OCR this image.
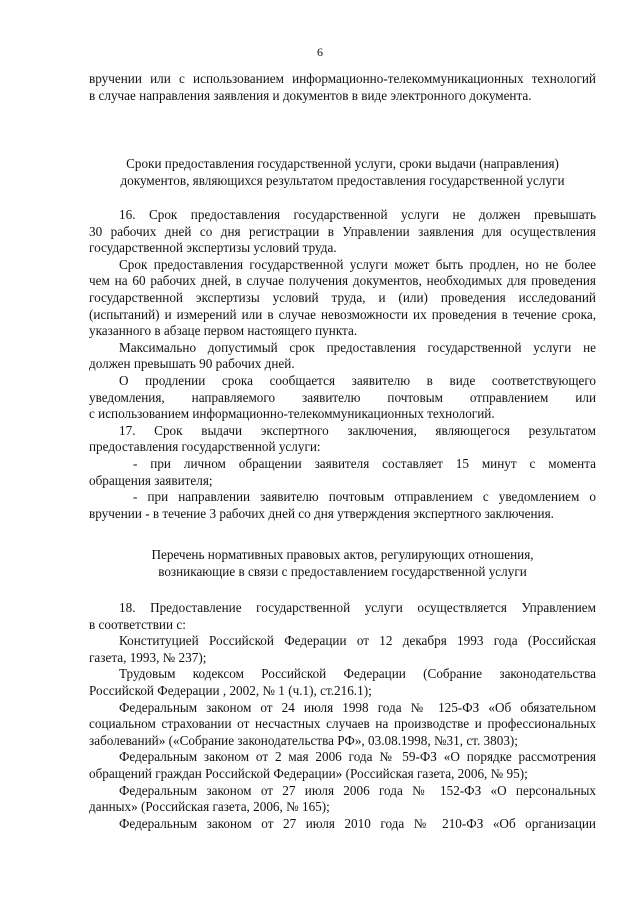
6
вручении или с использованием информационно-телекоммуникационных технологий
в случае направления заявления и документов в виде электронного документа.
Сроки предоставления государственной услуги, сроки выдачи (направления)
документов, являющихся результатом предоставления государственной услуги
16. Срок предоставления государственной услуги не должен превышать
30 рабочих дней со дня регистрации в Управлении заявления для осуществления
государственной экспертизы условий труда.
Срок предоставления государственной услуги может быть продлен, но не более
чем на 60 рабочих дней, в случае получения документов, необходимых для проведения
государственной экспертизы условий труда, и (или) проведения исследований
(испытаний) и измерений или в случае невозможности их проведения в течение срока,
указанного в абзаце первом настоящего пункта.
Максимально допустимый срок предоставления государственной услуги не
должен превышать 90 рабочих дней.
О продлении срока сообщается заявителю в виде соответствующего
уведомления, направляемого заявителю почтовым отправлением или
с использованием информационно-телекоммуникационных технологий.
17. Срок выдачи экспертного заключения, являющегося результатом
предоставления государственной услуги:
- при личном обращении заявителя составляет 15 минут с момента
обращения заявителя;
- при направлении заявителю почтовым отправлением с уведомлением о
вручении - в течение 3 рабочих дней со дня утверждения экспертного заключения.
Перечень нормативных правовых актов, регулирующих отношения,
возникающие в связи с предоставлением государственной услуги
18. Предоставление государственной услуги осуществляется Управлением
в соответствии с:
Конституцией Российской Федерации от 12 декабря 1993 года (Российская
газета, 1993, № 237);
Трудовым кодексом Российской Федерации (Собрание законодательства
Российской Федерации , 2002, № 1 (ч.1), ст.216.1);
Федеральным законом от 24 июля 1998 года № 125-ФЗ «Об обязательном
социальном страховании от несчастных случаев на производстве и профессиональных
заболеваний» («Собрание законодательства РФ», 03.08.1998, №31, ст. 3803);
Федеральным законом от 2 мая 2006 года № 59-ФЗ «О порядке рассмотрения
обращений граждан Российской Федерации» (Российская газета, 2006, № 95);
Федеральным законом от 27 июля 2006 года № 152-ФЗ «О персональных
данных» (Российская газета, 2006, № 165);
Федеральным законом от 27 июля 2010 года № 210-ФЗ «Об организации
